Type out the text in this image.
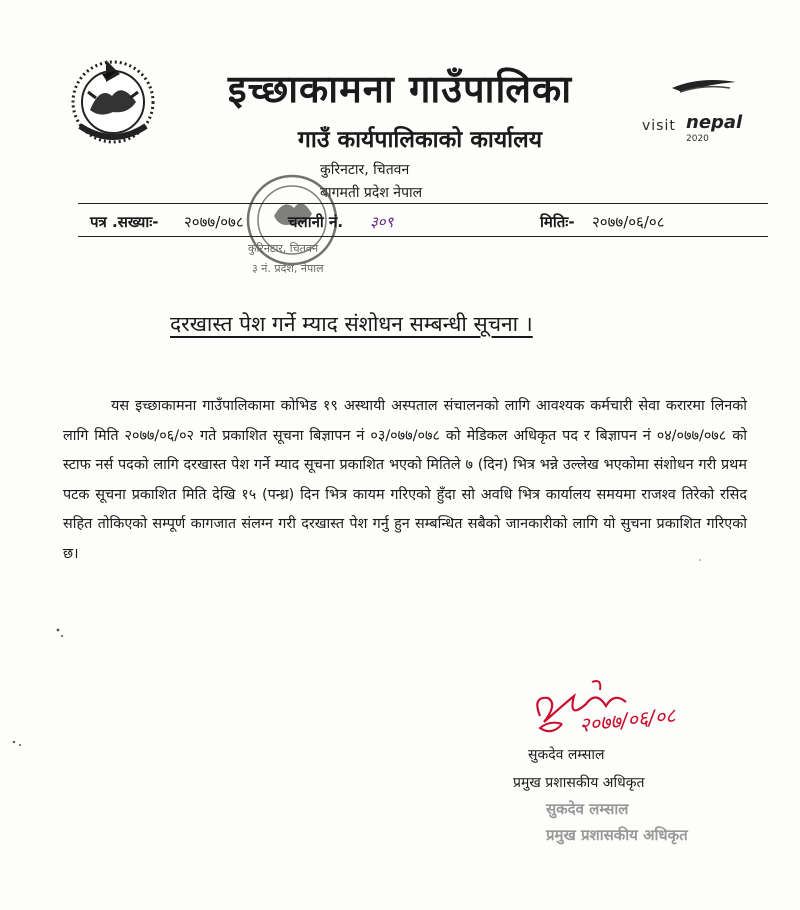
visit nepal
2020
इच्छाकामना गाउँपालिका
गाउँ कार्यपालिकाको कार्यालय
कुरिनटार, चितवन
बागमती प्रदेश नेपाल
कुरिनटार, चितवन
३ नं. प्रदेश, नेपाल
पत्र .सख्याः- २०७७/०७८	चलानी नं. ३०९	मितिः- २०७७/०६/०८
दरखास्त पेश गर्ने म्याद संशोधन सम्बन्धी सूचना ।
यस इच्छाकामना गाउँपालिकामा कोभिड १९ अस्थायी अस्पताल संचालनको लागि आवश्यक कर्मचारी सेवा करारमा लिनको लागि मिति २०७७/०६/०२ गते प्रकाशित सूचना बिज्ञापन नं ०३/०७७/०७८ को मेडिकल अधिकृत पद र बिज्ञापन नं ०४/०७७/०७८ को स्टाफ नर्स पदको लागि दरखास्त पेश गर्ने म्याद सूचना प्रकाशित भएको मितिले ७ (दिन) भित्र भन्ने उल्लेख भएकोमा संशोधन गरी प्रथम पटक सूचना प्रकाशित मिति देखि १५ (पन्ध्र) दिन भित्र कायम गरिएको हुँदा सो अवधि भित्र कार्यालय समयमा राजश्व तिरेको रसिद सहित तोकिएको सम्पूर्ण कागजात संलग्न गरी दरखास्त पेश गर्नु हुन सम्बन्धित सबैको जानकारीको लागि यो सुचना प्रकाशित गरिएको छ।
२०७७/०६/०८
सुकदेव लम्साल
प्रमुख प्रशासकीय अधिकृत
सुकदेव लम्साल
प्रमुख प्रशासकीय अधिकृत
